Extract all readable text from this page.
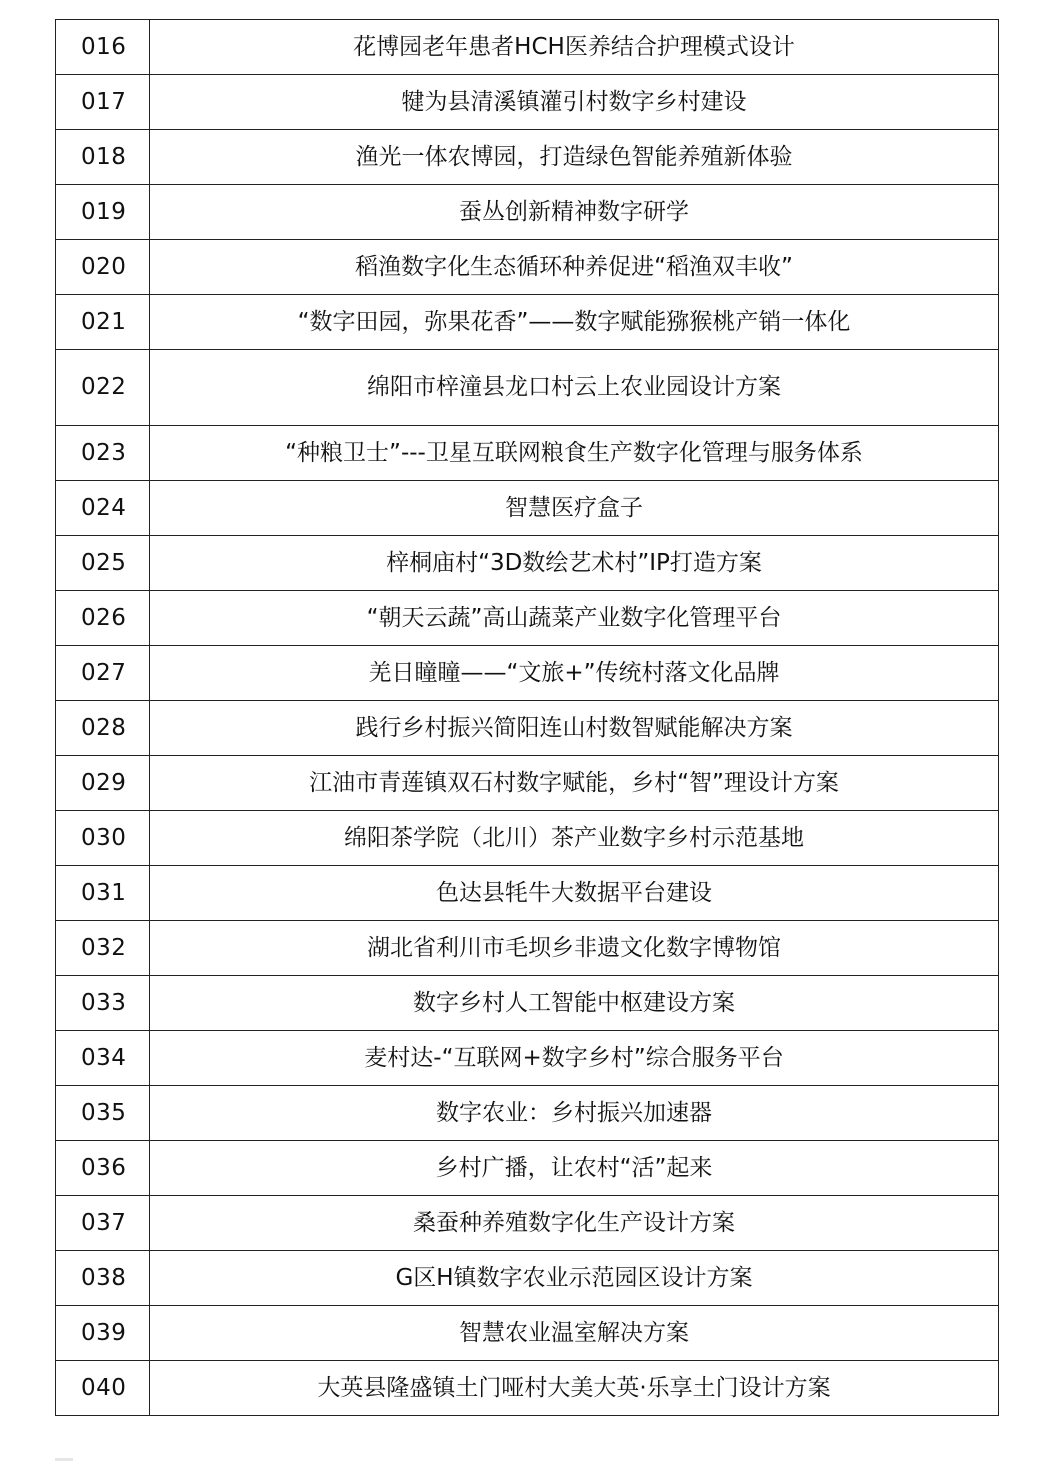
016	花博园老年患者HCH医养结合护理模式设计
017	犍为县清溪镇灌引村数字乡村建设
018	渔光一体农博园，打造绿色智能养殖新体验
019	蚕丛创新精神数字研学
020	稻渔数字化生态循环种养促进“稻渔双丰收”
021	“数字田园，弥果花香”——数字赋能猕猴桃产销一体化
022	绵阳市梓潼县龙口村云上农业园设计方案
023	“种粮卫士”---卫星互联网粮食生产数字化管理与服务体系
024	智慧医疗盒子
025	梓桐庙村“3D数绘艺术村”IP打造方案
026	“朝天云蔬”高山蔬菜产业数字化管理平台
027	羌日瞳瞳——“文旅+”传统村落文化品牌
028	践行乡村振兴简阳连山村数智赋能解决方案
029	江油市青莲镇双石村数字赋能，乡村“智”理设计方案
030	绵阳茶学院（北川）茶产业数字乡村示范基地
031	色达县牦牛大数据平台建设
032	湖北省利川市毛坝乡非遗文化数字博物馆
033	数字乡村人工智能中枢建设方案
034	麦村达-“互联网+数字乡村”综合服务平台
035	数字农业：乡村振兴加速器
036	乡村广播，让农村“活”起来
037	桑蚕种养殖数字化生产设计方案
038	G区H镇数字农业示范园区设计方案
039	智慧农业温室解决方案
040	大英县隆盛镇土门哑村大美大英·乐享土门设计方案
